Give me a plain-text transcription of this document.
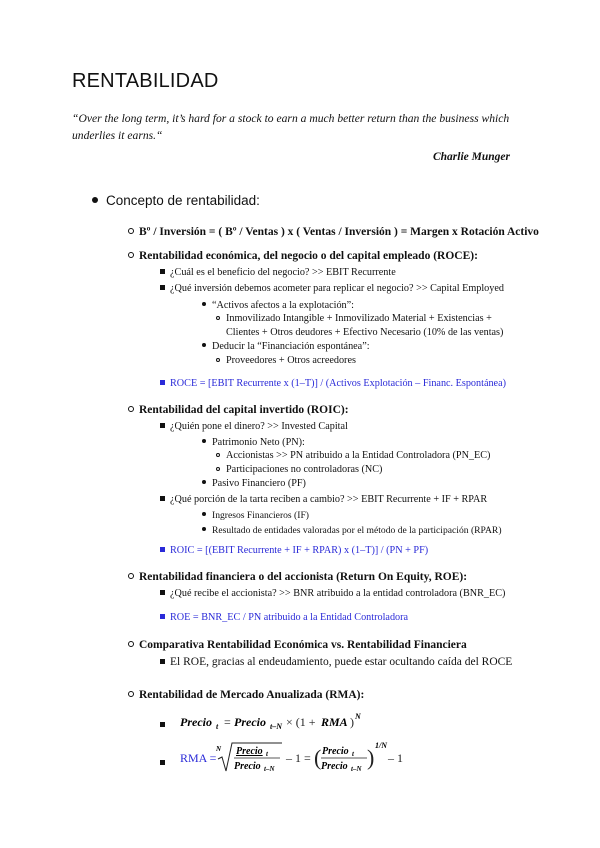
RENTABILIDAD
“Over the long term, it’s hard for a stock to earn a much better return than the business which underlies it earns.“
Charlie Munger
Concepto de rentabilidad:
Bº / Inversión = ( Bº / Ventas ) x ( Ventas / Inversión ) = Margen x Rotación Activo
Rentabilidad económica, del negocio o del capital empleado (ROCE):
¿Cuál es el beneficio del negocio? >> EBIT Recurrente
¿Qué inversión debemos acometer para replicar el negocio? >> Capital Employed
“Activos afectos a la explotación”:
Inmovilizado Intangible + Inmovilizado Material + Existencias +
Clientes + Otros deudores + Efectivo Necesario (10% de las ventas)
Deducir la “Financiación espontánea”:
Proveedores + Otros acreedores
ROCE = [EBIT Recurrente x (1–T)] / (Activos Explotación – Financ. Espontánea)
Rentabilidad del capital invertido (ROIC):
¿Quién pone el dinero? >> Invested Capital
Patrimonio Neto (PN):
Accionistas >> PN atribuido a la Entidad Controladora (PN_EC)
Participaciones no controladoras (NC)
Pasivo Financiero (PF)
¿Qué porción de la tarta reciben a cambio? >> EBIT Recurrente + IF + RPAR
Ingresos Financieros (IF)
Resultado de entidades valoradas por el método de la participación (RPAR)
ROIC = [(EBIT Recurrente + IF + RPAR) x (1–T)] / (PN + PF)
Rentabilidad financiera o del accionista (Return On Equity, ROE):
¿Qué recibe el accionista? >> BNR atribuido a la entidad controladora (BNR_EC)
ROE = BNR_EC / PN atribuido a la Entidad Controladora
Comparativa Rentabilidad Económica vs. Rentabilidad Financiera
El ROE, gracias al endeudamiento, puede estar ocultando caída del ROCE
Rentabilidad de Mercado Anualizada (RMA):
Precio t = Precio t–N × (1 + RMA ) N
RMA =
N Precio t
Precio t–N
– 1 = ( Precio t
Precio t–N ) 1/N
– 1
